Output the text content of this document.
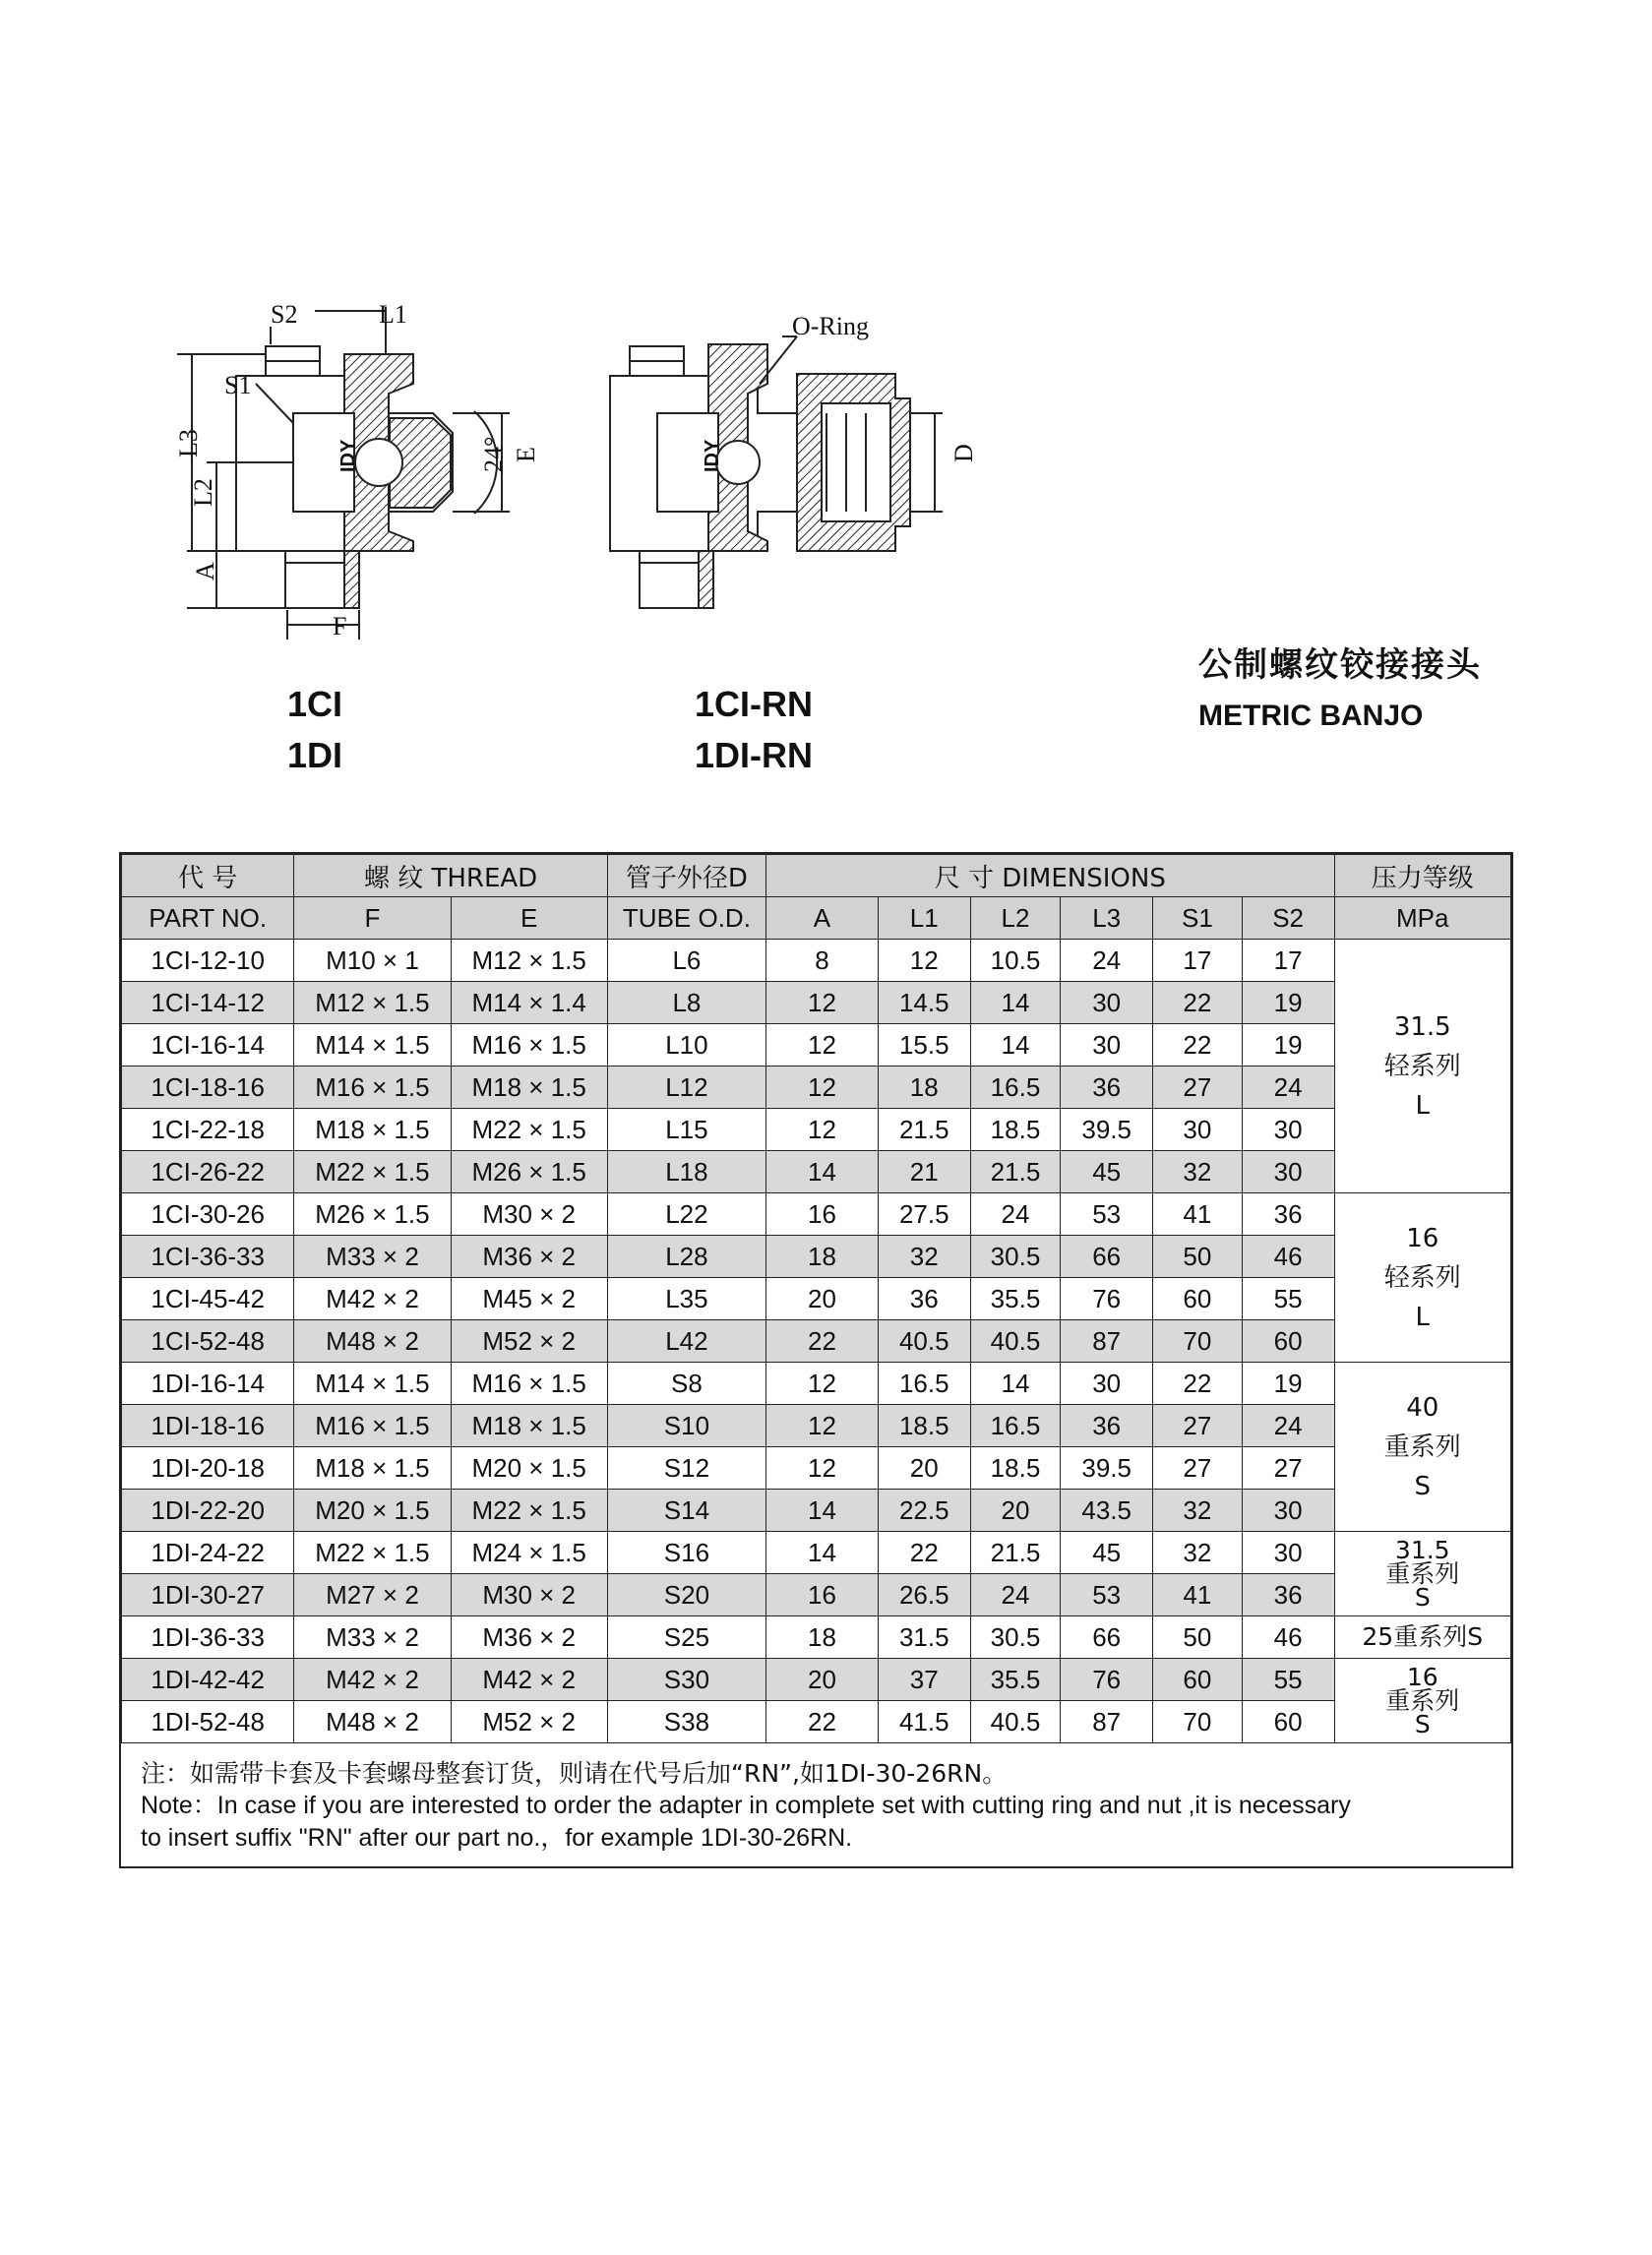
S2	L1
S1
L3
L2
A
F
24° E
IDY
O-Ring
D
IDY
1CI
1DI
1CI-RN
1DI-RN
公制螺纹铰接接头
METRIC BANJO
代 号	螺 纹 THREAD		管子外径D	尺 寸 DIMENSIONS						压力等级
PART NO.	F	E	TUBE O.D.	A	L1	L2	L3	S1	S2	MPa
1CI-12-10	M10 × 1	M12 × 1.5	L6	8	12	10.5	24	17	17	31.5
轻系列
L

1CI-14-12	M12 × 1.5	M14 × 1.4	L8	12	14.5	14	30	22	19	
1CI-16-14	M14 × 1.5	M16 × 1.5	L10	12	15.5	14	30	22	19	
1CI-18-16	M16 × 1.5	M18 × 1.5	L12	12	18	16.5	36	27	24	
1CI-22-18	M18 × 1.5	M22 × 1.5	L15	12	21.5	18.5	39.5	30	30	
1CI-26-22	M22 × 1.5	M26 × 1.5	L18	14	21	21.5	45	32	30	
1CI-30-26	M26 × 1.5	M30 × 2	L22	16	27.5	24	53	41	36	16
轻系列
L

1CI-36-33	M33 × 2	M36 × 2	L28	18	32	30.5	66	50	46	
1CI-45-42	M42 × 2	M45 × 2	L35	20	36	35.5	76	60	55	
1CI-52-48	M48 × 2	M52 × 2	L42	22	40.5	40.5	87	70	60	
1DI-16-14	M14 × 1.5	M16 × 1.5	S8	12	16.5	14	30	22	19	40
重系列
S

1DI-18-16	M16 × 1.5	M18 × 1.5	S10	12	18.5	16.5	36	27	24	
1DI-20-18	M18 × 1.5	M20 × 1.5	S12	12	20	18.5	39.5	27	27	
1DI-22-20	M20 × 1.5	M22 × 1.5	S14	14	22.5	20	43.5	32	30	
1DI-24-22	M22 × 1.5	M24 × 1.5	S16	14	22	21.5	45	32	30	31.5
重系列
S

1DI-30-27	M27 × 2	M30 × 2	S20	16	26.5	24	53	41	36	
1DI-36-33	M33 × 2	M36 × 2	S25	18	31.5	30.5	66	50	46	25重系列S

1DI-42-42	M42 × 2	M42 × 2	S30	20	37	35.5	76	60	55	16
重系列
S

1DI-52-48	M48 × 2	M52 × 2	S38	22	41.5	40.5	87	70	60	
注：如需带卡套及卡套螺母整套订货，则请在代号后加“RN”,如1DI-30-26RN。
Note：In case if you are interested to order the adapter in complete set with cutting ring and nut ,it is necessary
to insert suffix "RN" after our part no.，for example 1DI-30-26RN.
